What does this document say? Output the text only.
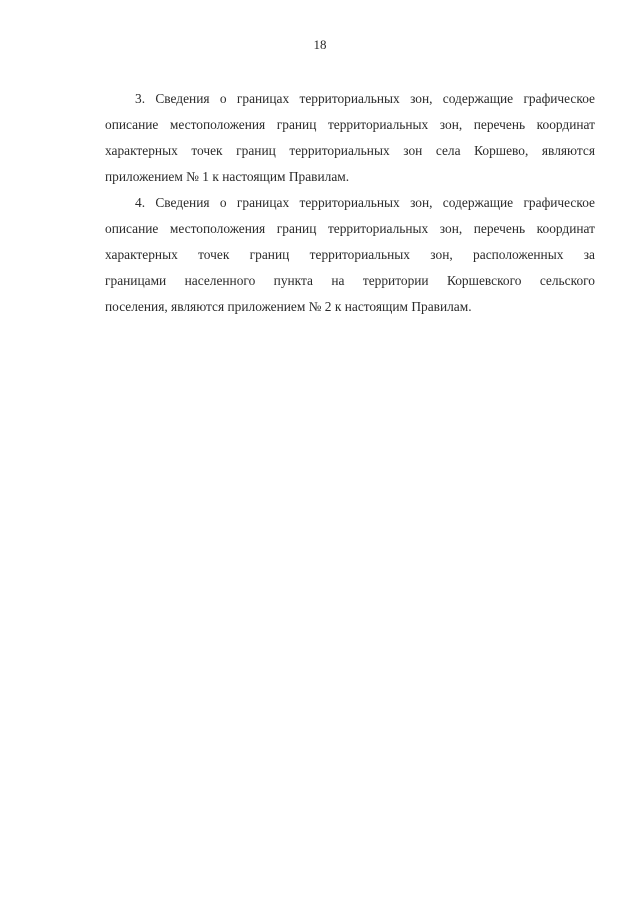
18
3. Сведения о границах территориальных зон, содержащие графическое
описание местоположения границ территориальных зон, перечень координат
характерных точек границ территориальных зон села Коршево, являются
приложением № 1 к настоящим Правилам.
4. Сведения о границах территориальных зон, содержащие графическое
описание местоположения границ территориальных зон, перечень координат
характерных точек границ территориальных зон, расположенных за
границами населенного пункта на территории Коршевского сельского
поселения, являются приложением № 2 к настоящим Правилам.
